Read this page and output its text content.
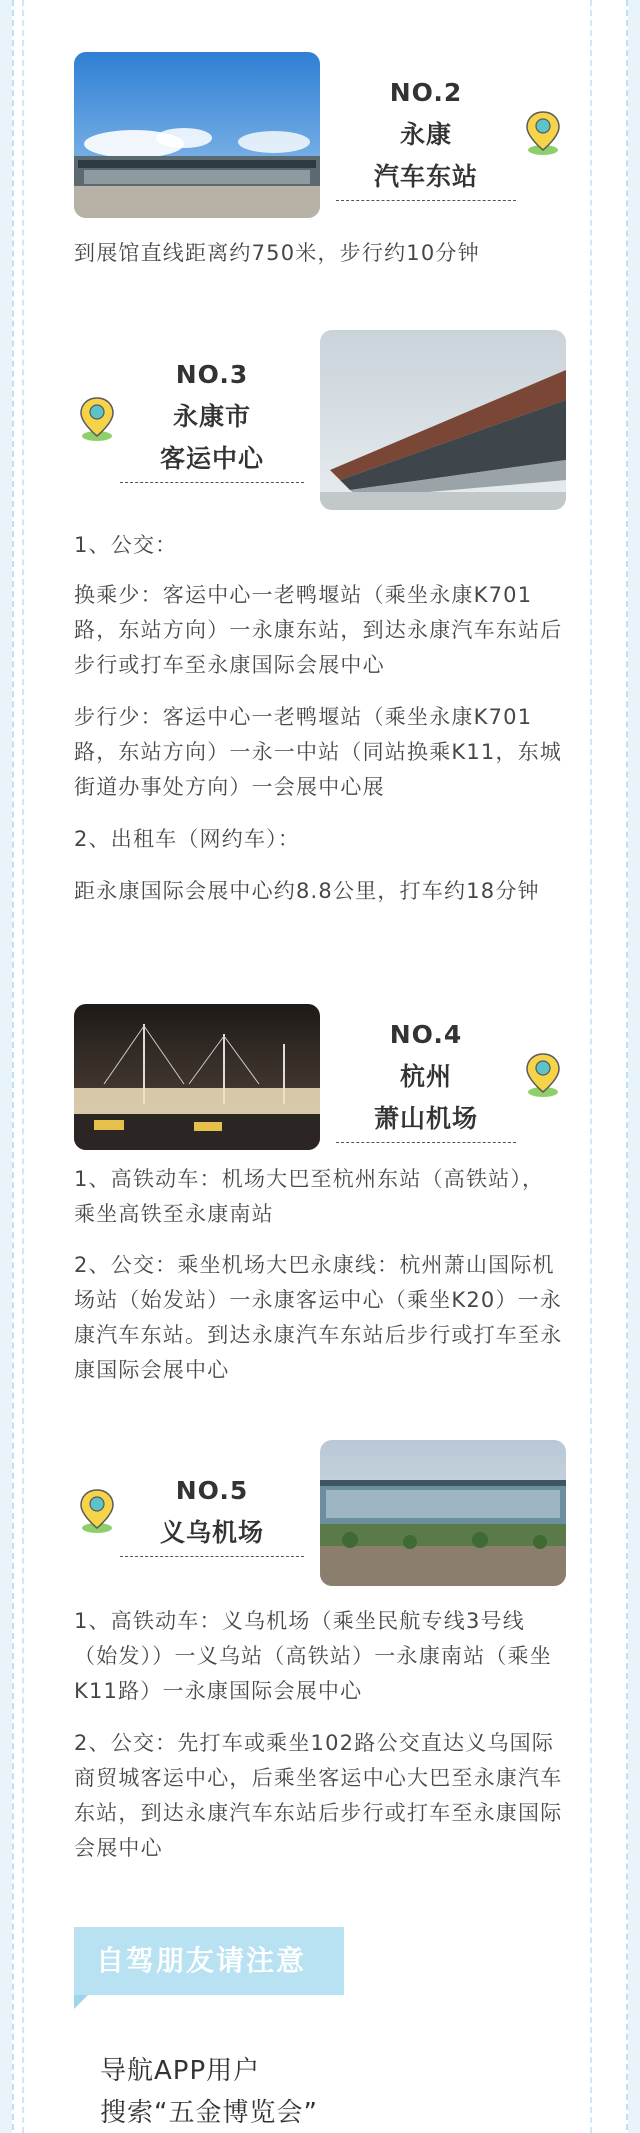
NO.2
永康
汽车东站
到展馆直线距离约750米，步行约10分钟
NO.3
永康市
客运中心
1、公交：
换乘少：客运中心一老鸭堰站（乘坐永康K701路，东站方向）一永康东站，到达永康汽车东站后步行或打车至永康国际会展中心
步行少：客运中心一老鸭堰站（乘坐永康K701路，东站方向）一永一中站（同站换乘K11，东城街道办事处方向）一会展中心展
2、出租车（网约车）：
距永康国际会展中心约8.8公里，打车约18分钟
NO.4
杭州
萧山机场
1、高铁动车：机场大巴至杭州东站（高铁站），乘坐高铁至永康南站
2、公交：乘坐机场大巴永康线：杭州萧山国际机场站（始发站）一永康客运中心（乘坐K20）一永康汽车东站。到达永康汽车东站后步行或打车至永康国际会展中心
NO.5
义乌机场
1、高铁动车：义乌机场（乘坐民航专线3号线（始发））一义乌站（高铁站）一永康南站（乘坐K11路）一永康国际会展中心
2、公交：先打车或乘坐102路公交直达义乌国际商贸城客运中心，后乘坐客运中心大巴至永康汽车东站，到达永康汽车东站后步行或打车至永康国际会展中心
自驾朋友请注意
导航APP用户
搜索“五金博览会”
